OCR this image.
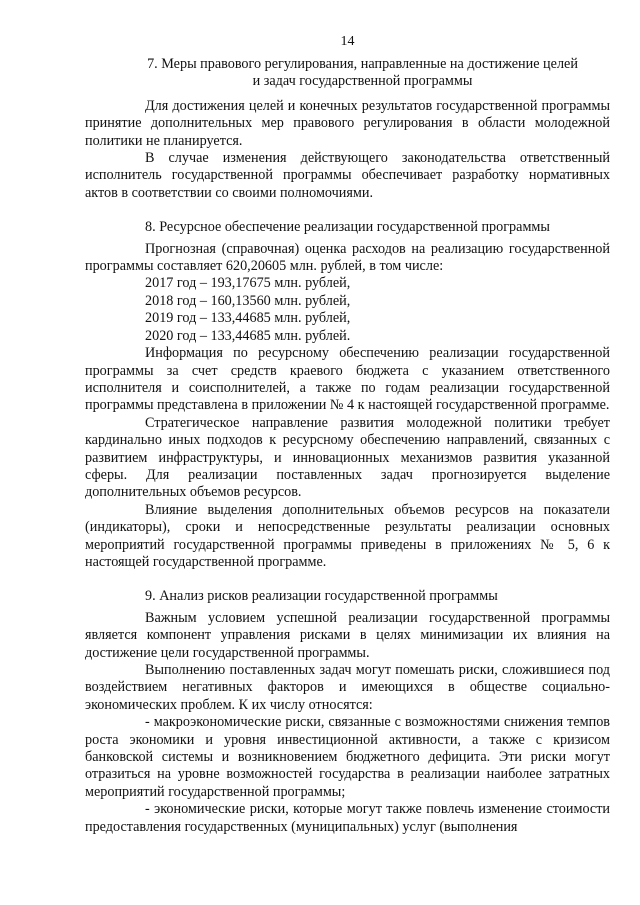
14

7. Меры правового регулирования, направленные на достижение целей
и задач государственной программы

Для достижения целей и конечных результатов государственной программы принятие дополнительных мер правового регулирования в области молодежной политики не планируется.

В случае изменения действующего законодательства ответственный исполнитель государственной программы обеспечивает разработку нормативных актов в соответствии со своими полномочиями.

8. Ресурсное обеспечение реализации государственной программы

Прогнозная (справочная) оценка расходов на реализацию государственной программы составляет 620,20605 млн. рублей, в том числе:

2017 год – 193,17675 млн. рублей,

2018 год – 160,13560 млн. рублей,

2019 год – 133,44685 млн. рублей,

2020 год – 133,44685 млн. рублей.

Информация по ресурсному обеспечению реализации государственной программы за счет средств краевого бюджета с указанием ответственного исполнителя и соисполнителей, а также по годам реализации государственной программы представлена в приложении № 4 к настоящей государственной программе.

Стратегическое направление развития молодежной политики требует кардинально иных подходов к ресурсному обеспечению направлений, связанных с развитием инфраструктуры, и инновационных механизмов развития указанной сферы. Для реализации поставленных задач прогнозируется выделение дополнительных объемов ресурсов.

Влияние выделения дополнительных объемов ресурсов на показатели (индикаторы), сроки и непосредственные результаты реализации основных мероприятий государственной программы приведены в приложениях № 5, 6 к настоящей государственной программе.

9. Анализ рисков реализации государственной программы

Важным условием успешной реализации государственной программы является компонент управления рисками в целях минимизации их влияния на достижение цели государственной программы.

Выполнению поставленных задач могут помешать риски, сложившиеся под воздействием негативных факторов и имеющихся в обществе социально-экономических проблем. К их числу относятся:

- макроэкономические риски, связанные с возможностями снижения темпов роста экономики и уровня инвестиционной активности, а также с кризисом банковской системы и возникновением бюджетного дефицита. Эти риски могут отразиться на уровне возможностей государства в реализации наиболее затратных мероприятий государственной программы;

- экономические риски, которые могут также повлечь изменение стоимости предоставления государственных (муниципальных) услуг (выполнения
